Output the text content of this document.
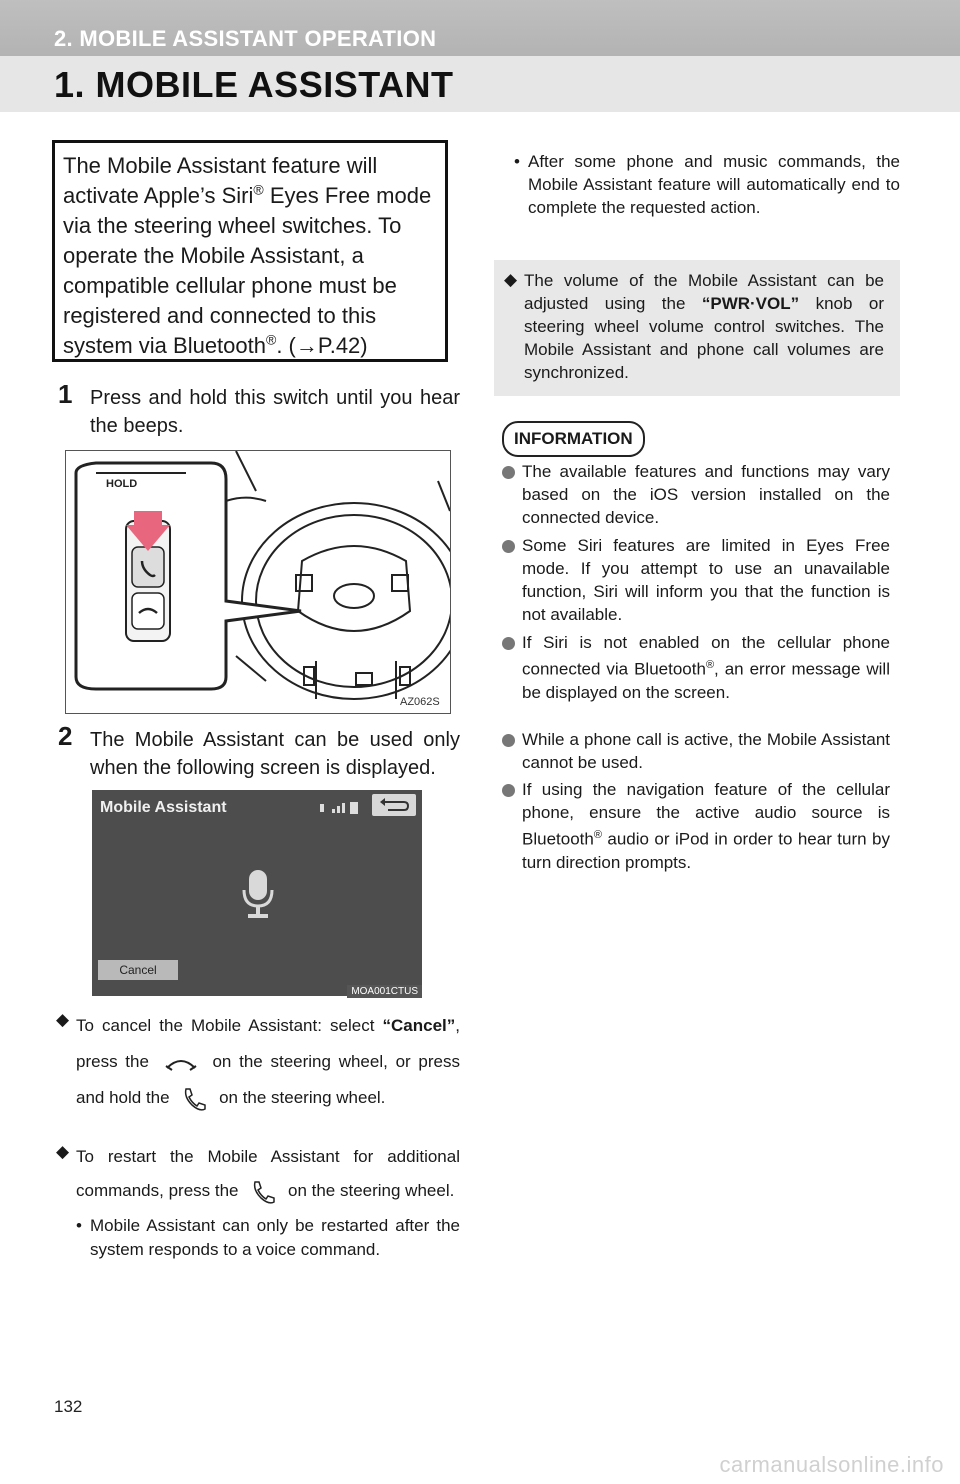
2. MOBILE ASSISTANT OPERATION
1. MOBILE ASSISTANT
The Mobile Assistant feature will
activate Apple’s Siri® Eyes Free mode
via the steering wheel switches. To
operate the Mobile Assistant, a
compatible cellular phone must be
registered and connected to this
system via Bluetooth®. (→P.42)
1 Press and hold this switch until you hear the beeps.
HOLD
AZ062S
2 The Mobile Assistant can be used only when the following screen is displayed.
Mobile Assistant
Cancel
MOA001CTUS
◆ To cancel the Mobile Assistant: select “Cancel”, press the	on the steering wheel, or press and hold the	on the steering wheel.
◆ To restart the Mobile Assistant for additional commands, press the	on the steering wheel.
• Mobile Assistant can only be restarted after the system responds to a voice command.
• After some phone and music commands, the Mobile Assistant feature will automatically end to complete the requested action.
◆ The volume of the Mobile Assistant can be adjusted using the “PWR·VOL” knob or steering wheel volume control switches. The Mobile Assistant and phone call volumes are synchronized.
INFORMATION
The available features and functions may vary based on the iOS version installed on the connected device.
Some Siri features are limited in Eyes Free mode. If you attempt to use an unavailable function, Siri will inform you that the function is not available.
If Siri is not enabled on the cellular phone connected via Bluetooth®, an error message will be displayed on the screen.
While a phone call is active, the Mobile Assistant cannot be used.
If using the navigation feature of the cellular phone, ensure the active audio source is Bluetooth® audio or iPod in order to hear turn by turn direction prompts.
132
carmanualsonline.info
